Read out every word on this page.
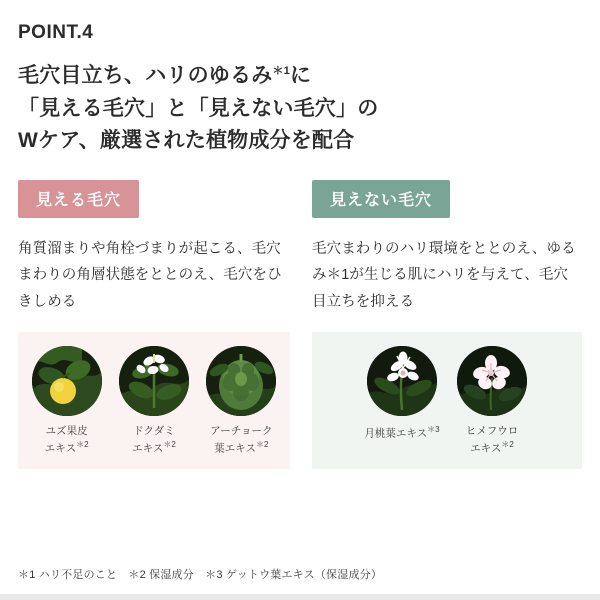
POINT.4
毛穴目立ち、ハリのゆるみ$^{*1}$に
「見える毛穴」と「見えない毛穴」の
Wケア、厳選された植物成分を配合
見える毛穴
角質溜まりや角栓づまりが起こる、毛穴まわりの角層状態をととのえ、毛穴をひきしめる
ユズ果皮
エキス$^{*2}$
ドクダミ
エキス$^{*2}$
アーチョーク
葉エキス$^{*2}$
見えない毛穴
毛穴まわりのハリ環境をととのえ、ゆるみ＊1が生じる肌にハリを与えて、毛穴目立ちを抑える
月桃葉エキス$^{*3}$	ヒメフウロ
エキス$^{*2}$
＊1 ハリ不足のこと　＊2 保湿成分　＊3 ゲットウ葉エキス（保湿成分）
